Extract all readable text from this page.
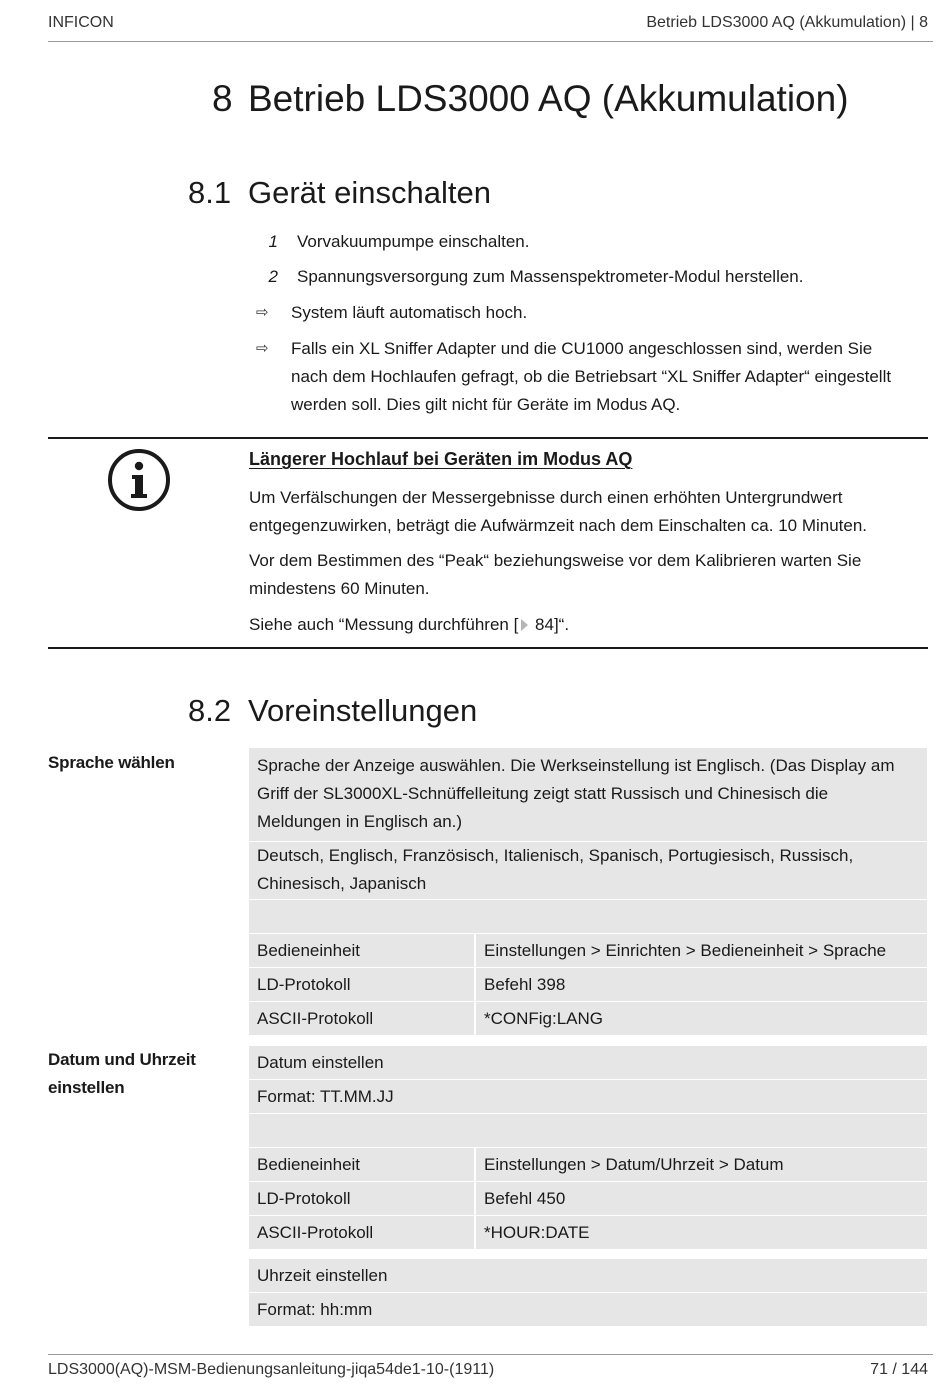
INFICON	Betrieb LDS3000 AQ (Akkumulation) | 8
8 Betrieb LDS3000 AQ (Akkumulation)
8.1 Gerät einschalten
1 Vorvakuumpumpe einschalten.
2 Spannungsversorgung zum Massenspektrometer-Modul herstellen.
⇨ System läuft automatisch hoch.
⇨ Falls ein XL Sniffer Adapter und die CU1000 angeschlossen sind, werden Sie
nach dem Hochlaufen gefragt, ob die Betriebsart “XL Sniffer Adapter“ eingestellt
werden soll. Dies gilt nicht für Geräte im Modus AQ.
Längerer Hochlauf bei Geräten im Modus AQ
Um Verfälschungen der Messergebnisse durch einen erhöhten Untergrundwert
entgegenzuwirken, beträgt die Aufwärmzeit nach dem Einschalten ca. 10 Minuten.
Vor dem Bestimmen des “Peak“ beziehungsweise vor dem Kalibrieren warten Sie
mindestens 60 Minuten.
Siehe auch “Messung durchführen [ 84]“.
8.2 Voreinstellungen
Sprache wählen	Sprache der Anzeige auswählen. Die Werkseinstellung ist Englisch. (Das Display am
Griff der SL3000XL-Schnüffelleitung zeigt statt Russisch und Chinesisch die
Meldungen in Englisch an.)
Deutsch, Englisch, Französisch, Italienisch, Spanisch, Portugiesisch, Russisch,
Chinesisch, Japanisch
Bedieneinheit	Einstellungen > Einrichten > Bedieneinheit > Sprache
LD-Protokoll	Befehl 398
ASCII-Protokoll	*CONFig:LANG
Datum und Uhrzeit
einstellen
Datum einstellen
Format: TT.MM.JJ
Bedieneinheit	Einstellungen > Datum/Uhrzeit > Datum
LD-Protokoll	Befehl 450
ASCII-Protokoll	*HOUR:DATE
Uhrzeit einstellen
Format: hh:mm
LDS3000(AQ)-MSM-Bedienungsanleitung-jiqa54de1-10-(1911)	71 / 144
